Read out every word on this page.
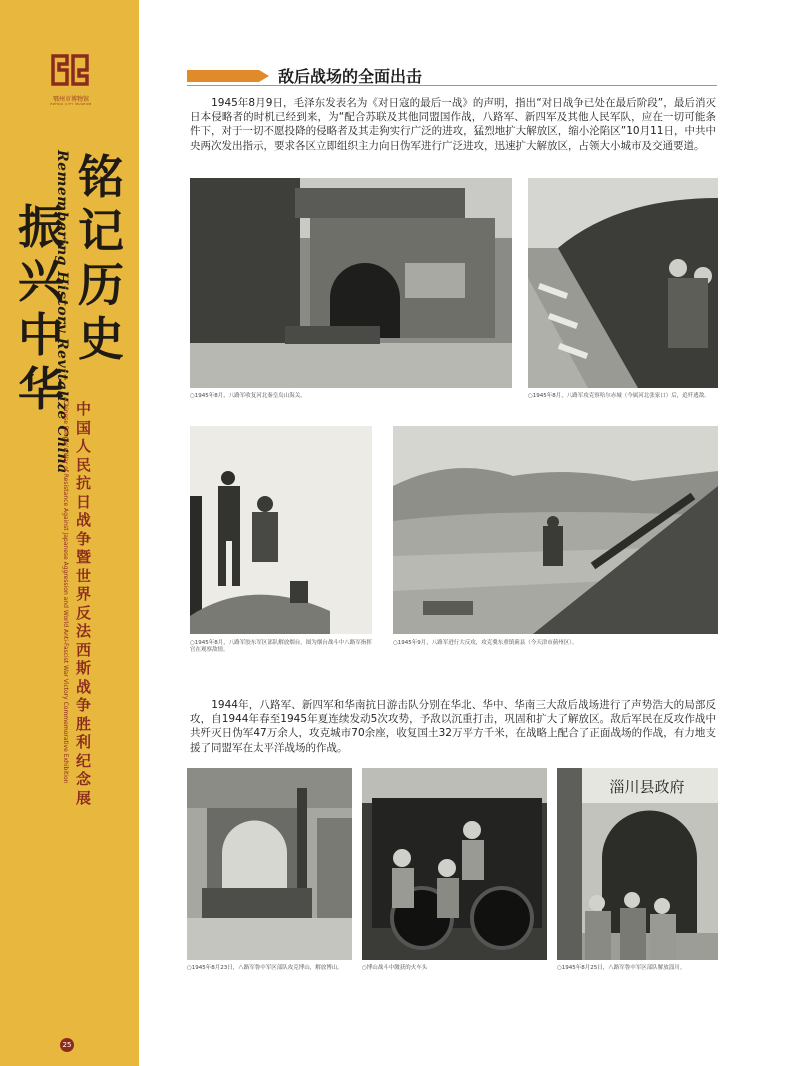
鄂州市博物馆
EZHOU CITY MUSEUM
Remembering History Revitalize China 铭记历史
振兴中华
Chinese People's War of Resistance Against Japanese Aggression and World Anti-Fascist War Victory Commemorative Exhibition 中国人民抗日战争暨世界反法西斯战争胜利纪念展
25
敌后战场的全面出击
　　1945年8月9日，毛泽东发表名为《对日寇的最后一战》的声明，指出“对日战争已处在最后阶段”，最后消灭日本侵略者的时机已经到来，为“配合苏联及其他同盟国作战，八路军、新四军及其他人民军队，应在一切可能条件下，对于一切不愿投降的侵略者及其走狗实行广泛的进攻，猛烈地扩大解放区，缩小沦陷区”10月11日，中共中央两次发出指示，要求各区立即组织主力向日伪军进行广泛进攻，迅速扩大解放区，占领大小城市及交通要道。
○1945年8月，八路军收复河北秦皇岛山海关。	○1945年8月，八路军攻克察哈尔赤城（今属河北张家口）后，追歼逃敌。
○1945年8月，八路军胶东军区部队解放烟台。图为烟台战斗中八路军指挥官在观察敌情。
○1945年9月，八路军进行大反攻，攻克冀东重镇蓟县（今天津市蓟州区）。
　　1944年，八路军、新四军和华南抗日游击队分别在华北、华中、华南三大敌后战场进行了声势浩大的局部反攻，自1944年春至1945年夏连续发动5次攻势，予敌以沉重打击，巩固和扩大了解放区。敌后军民在反攻作战中共歼灭日伪军47万余人，攻克城市70余座，收复国土32万平方千米，在战略上配合了正面战场的作战，有力地支援了同盟军在太平洋战场的作战。
○1945年8月23日，八路军鲁中军区部队攻克博山，解放博山。	○博山战斗中缴获的火车头
淄川县政府
○1945年8月25日，八路军鲁中军区部队解放淄川。
